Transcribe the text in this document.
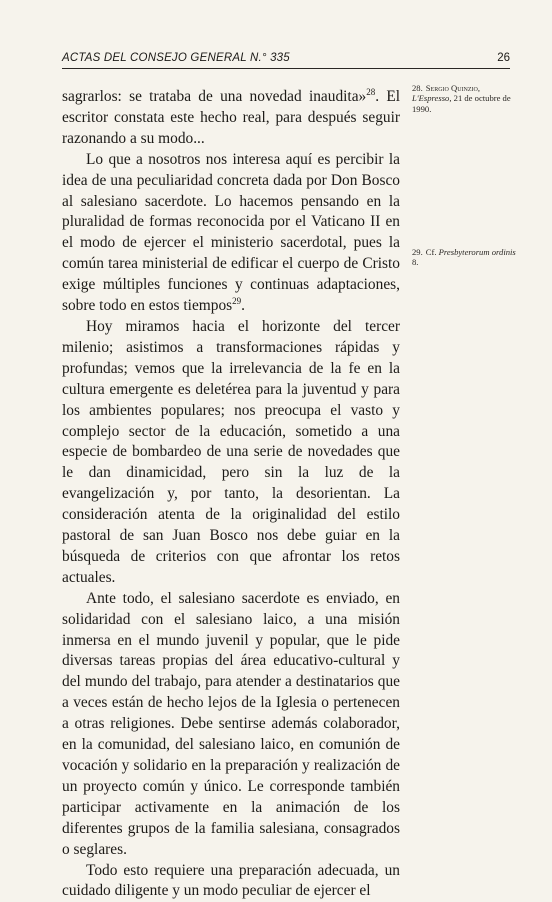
ACTAS DEL CONSEJO GENERAL N.° 335	26

sagrarlos: se trataba de una novedad inaudita»$^{28}$. El escritor constata este hecho real, para después seguir razonando a su modo...

Lo que a nosotros nos interesa aquí es percibir la idea de una peculiaridad concreta dada por Don Bosco al salesiano sacerdote. Lo hacemos pensando en la pluralidad de formas reconocida por el Vaticano II en el modo de ejercer el ministerio sacerdotal, pues la común tarea ministerial de edificar el cuerpo de Cristo exige múltiples funciones y continuas adaptaciones, sobre todo en estos tiempos$^{29}$.

Hoy miramos hacia el horizonte del tercer milenio; asistimos a transformaciones rápidas y profundas; vemos que la irrelevancia de la fe en la cultura emergente es deletérea para la juventud y para los ambientes populares; nos preocupa el vasto y complejo sector de la educación, sometido a una especie de bombardeo de una serie de novedades que le dan dinamicidad, pero sin la luz de la evangelización y, por tanto, la desorientan. La consideración atenta de la originalidad del estilo pastoral de san Juan Bosco nos debe guiar en la búsqueda de criterios con que afrontar los retos actuales.

Ante todo, el salesiano sacerdote es enviado, en solidaridad con el salesiano laico, a una misión inmersa en el mundo juvenil y popular, que le pide diversas tareas propias del área educativo-cultural y del mundo del trabajo, para atender a destinatarios que a veces están de hecho lejos de la Iglesia o pertenecen a otras religiones. Debe sentirse además colaborador, en la comunidad, del salesiano laico, en comunión de vocación y solidario en la preparación y realización de un proyecto común y único. Le corresponde también participar activamente en la animación de los diferentes grupos de la familia salesiana, consagrados o seglares.

Todo esto requiere una preparación adecuada, un cuidado diligente y un modo peculiar de ejercer el

28. Sergio Quinzio, L'Espresso, 21 de octubre de 1990.
29. Cf. Presbyterorum ordinis 8.
